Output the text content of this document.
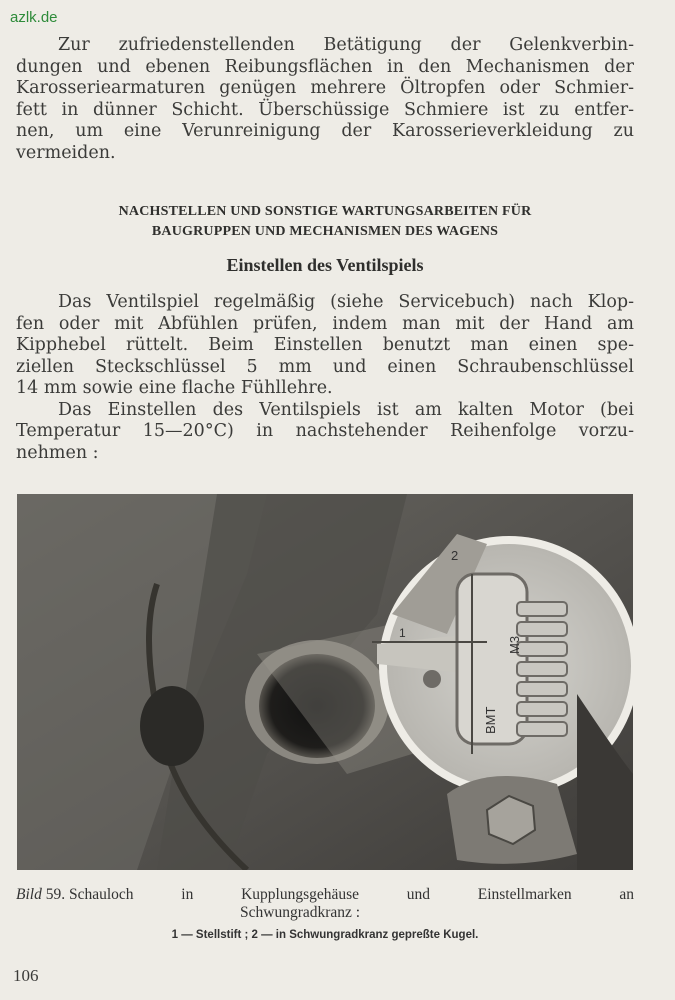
azlk.de
Zur zufriedenstellenden Betätigung der Gelenkverbin-
dungen und ebenen Reibungsflächen in den Mechanismen der
Karosseriearmaturen genügen mehrere Öltropfen oder Schmier-
fett in dünner Schicht. Überschüssige Schmiere ist zu entfer-
nen, um eine Verunreinigung der Karosserieverkleidung zu
vermeiden.
NACHSTELLEN UND SONSTIGE WARTUNGSARBEITEN FÜR
BAUGRUPPEN UND MECHANISMEN DES WAGENS
Einstellen des Ventilspiels
Das Ventilspiel regelmäßig (siehe Servicebuch) nach Klop-
fen oder mit Abfühlen prüfen, indem man mit der Hand am
Kipphebel rüttelt. Beim Einstellen benutzt man einen spe-
ziellen Steckschlüssel 5 mm und einen Schraubenschlüssel
14 mm sowie eine flache Fühllehre.
Das Einstellen des Ventilspiels ist am kalten Motor (bei
Temperatur 15—20°C) in nachstehender Reihenfolge vorzu-
nehmen :
2
1
ВМТ
М3
Bild 59. Schauloch	in	Kupplungsgehäuse	und	Einstellmarken	an
Schwungradkranz :
1 — Stellstift ; 2 — in Schwungradkranz gepreßte Kugel.
106
